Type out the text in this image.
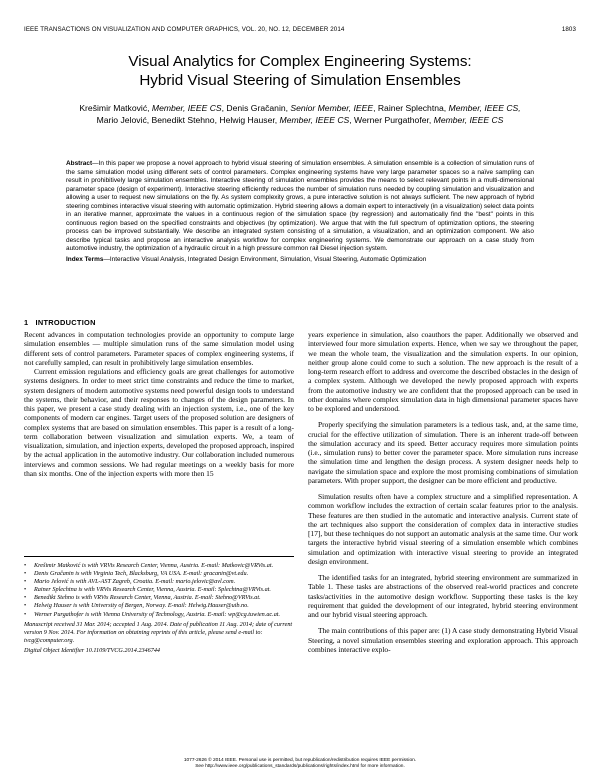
IEEE TRANSACTIONS ON VISUALIZATION AND COMPUTER GRAPHICS, VOL. 20, NO. 12, DECEMBER 2014	1803
Visual Analytics for Complex Engineering Systems:
Hybrid Visual Steering of Simulation Ensembles
Krešimir Matković, Member, IEEE CS, Denis Gračanin, Senior Member, IEEE, Rainer Splechtna, Member, IEEE CS,
Mario Jelović, Benedikt Stehno, Helwig Hauser, Member, IEEE CS, Werner Purgathofer, Member, IEEE CS

Abstract—In this paper we propose a novel approach to hybrid visual steering of simulation ensembles. A simulation ensemble is a collection of simulation runs of the same simulation model using different sets of control parameters. Complex engineering systems have very large parameter spaces so a naïve sampling can result in prohibitively large simulation ensembles. Interactive steering of simulation ensembles provides the means to select relevant points in a multi-dimensional parameter space (design of experiment). Interactive steering efficiently reduces the number of simulation runs needed by coupling simulation and visualization and allowing a user to request new simulations on the fly. As system complexity grows, a pure interactive solution is not always sufficient. The new approach of hybrid steering combines interactive visual steering with automatic optimization. Hybrid steering allows a domain expert to interactively (in a visualization) select data points in an iterative manner, approximate the values in a continuous region of the simulation space (by regression) and automatically find the "best" points in this continuous region based on the specified constraints and objectives (by optimization). We argue that with the full spectrum of optimization options, the steering process can be improved substantially. We describe an integrated system consisting of a simulation, a visualization, and an optimization component. We also describe typical tasks and propose an interactive analysis workflow for complex engineering systems. We demonstrate our approach on a case study from automotive industry, the optimization of a hydraulic circuit in a high pressure common rail Diesel injection system.

Index Terms—Interactive Visual Analysis, Integrated Design Environment, Simulation, Visual Steering, Automatic Optimization

1 INTRODUCTION

Recent advances in computation technologies provide an opportunity to compute large simulation ensembles — multiple simulation runs of the same simulation model using different sets of control parameters. Parameter spaces of complex engineering systems, if not carefully sampled, can result in prohibitively large simulation ensembles.

Current emission regulations and efficiency goals are great challenges for automotive systems designers. In order to meet strict time constraints and reduce the time to market, system designers of modern automotive systems need powerful design tools to understand the systems, their behavior, and their responses to changes of the design parameters. In this paper, we present a case study dealing with an injection system, i.e., one of the key components of modern car engines. Target users of the proposed solution are designers of complex systems that are based on simulation ensembles. This paper is a result of a long-term collaboration between visualization and simulation experts. We, a team of visualization, simulation, and injection experts, developed the proposed approach, inspired by the actual application in the automotive industry. Our collaboration included numerous interviews and common sessions. We had regular meetings on a weekly basis for more than six months. One of the injection experts with more then 15

• Krešimir Matković is with VRVis Research Center, Vienna, Austria. E-mail: Matkovic@VRVis.at.
• Denis Gračanin is with Virginia Tech, Blacksburg, VA USA. E-mail: gracanin@vt.edu.
• Mario Jelović is with AVL-AST Zagreb, Croatia. E-mail: mario.jelovic@avl.com.
• Rainer Splechtna is with VRVis Research Center, Vienna, Austria. E-mail: Splechtna@VRVis.at.
• Benedikt Stehno is with VRVis Research Center, Vienna, Austria. E-mail: Stehno@VRVis.at.
• Helwig Hauser is with University of Bergen, Norway. E-mail: Helwig.Hauser@uib.no.
• Werner Purgathofer is with Vienna University of Technology, Austria. E-mail: wp@cg.tuwien.ac.at.

Manuscript received 31 Mar. 2014; accepted 1 Aug. 2014. Date of publication 11 Aug. 2014; date of current version 9 Nov. 2014. For information on obtaining reprints of this article, please send e-mail to: tvcg@computer.org.

Digital Object Identifier 10.1109/TVCG.2014.2346744

years experience in simulation, also coauthors the paper. Additionally we observed and interviewed four more simulation experts. Hence, when we say we throughout the paper, we mean the whole team, the visualization and the simulation experts. In our opinion, neither group alone could come to such a solution. The new approach is the result of a long-term research effort to address and overcome the described obstacles in the design of a complex system. Although we developed the newly proposed approach with experts from the automotive industry we are confident that the proposed approach can be used in other domains where complex simulation data in high dimensional parameter spaces have to be explored and understood.

Properly specifying the simulation parameters is a tedious task, and, at the same time, crucial for the effective utilization of simulation. There is an inherent trade-off between the simulation accuracy and its speed. Better accuracy requires more simulation points (i.e., simulation runs) to better cover the parameter space. More simulation runs increase the simulation time and lengthen the design process. A system designer needs help to navigate the simulation space and explore the most promising combinations of simulation parameters. With proper support, the designer can be more efficient and productive.

Simulation results often have a complex structure and a simplified representation. A common workflow includes the extraction of certain scalar features prior to the analysis. These features are then studied in the automatic and interactive analysis. Current state of the art techniques also support the consideration of complex data in interactive studies [17], but these techniques do not support an automatic analysis at the same time. Our work targets the interactive hybrid visual steering of a simulation ensemble which combines simulation and optimization with interactive visual steering to provide an integrated design environment.

The identified tasks for an integrated, hybrid steering environment are summarized in Table 1. These tasks are abstractions of the observed real-world practices and concrete tasks/activities in the automotive design workflow. Supporting these tasks is the key requirement that guided the development of our integrated, hybrid steering environment and our hybrid visual steering approach.

The main contributions of this paper are: (1) A case study demonstrating Hybrid Visual Steering, a novel simulation ensembles steering and exploration approach. This approach combines interactive explo-

1077-2626 © 2014 IEEE. Personal use is permitted, but republication/redistribution requires IEEE permission.
See http://www.ieee.org/publications_standards/publications/rights/index.html for more information.
